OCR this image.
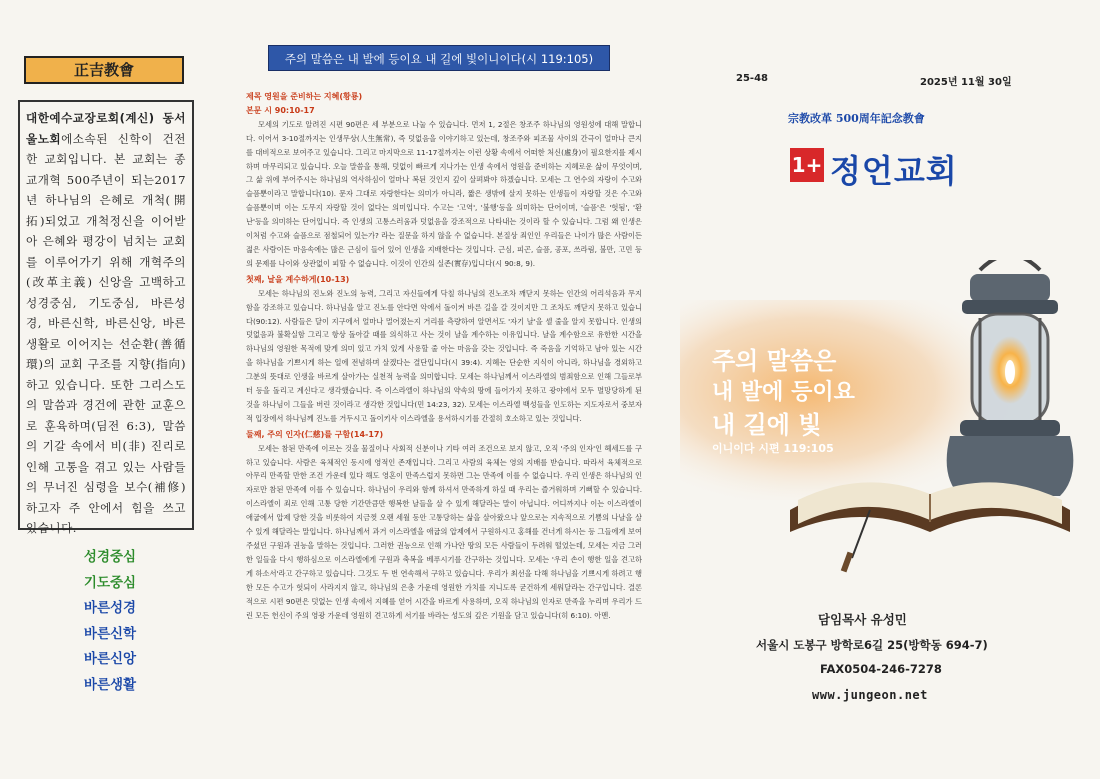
正吉教會

대한예수교장로회(계신) 동서울노회에소속된 신학이 건전한 교회입니다. 본 교회는 종교개혁 500주년이 되는2017년 하나님의 은혜로 개척(開拓)되었고 개척정신을 이어받아 은혜와 평강이 넘치는 교회를 이루어가기 위해 개혁주의(改革主義) 신앙을 고백하고 성경중심, 기도중심, 바른성경, 바른신학, 바른신앙, 바른생활로 이어지는 선순환(善循環)의 교회 구조를 지향(指向)하고 있습니다. 또한 그리스도의 말씀과 경건에 관한 교훈으로 훈육하며(딤전 6:3), 말씀의 기갈 속에서 비(非) 진리로 인해 고통을 겪고 있는 사람들의 무너진 심령을 보수(補修)하고자 주 안에서 힘을 쓰고 있습니다.

성경중심
기도중심
바른성경
바른신학
바른신앙
바른생활
주의 말씀은 내 발에 등이요 내 길에 빛이니이다(시 119:105)
제목 영원을 준비하는 지혜(황룡)
본문 시 90:10-17

모세의 기도로 알려진 시편 90편은 세 부분으로 나눌 수 있습니다. 먼저 1, 2절은 창조주 하나님의 영원성에 대해 말합니다. 이어서 3-10절까지는 인생무상(人生無常), 즉 덧없음을 이야기하고 있는데, 창조주와 피조물 사이의 간극이 얼마나 큰지를 대비적으로 보여주고 있습니다. 그리고 마지막으로 11-17절까지는 이런 상황 속에서 어떠한 처신(處身)이 필요한지를 제시하며 마무리되고 있습니다. 오늘 말씀을 통해, 덧없이 빠르게 지나가는 인생 속에서 영원을 준비하는 지혜로운 삶이 무엇이며, 그 삶 위에 부어주시는 하나님의 역사하심이 얼마나 복된 것인지 깊이 살펴봐야 하겠습니다. 모세는 그 연수의 자랑이 수고와 슬픔뿐이라고 말합니다(10). 문자 그대로 자랑한다는 의미가 아니라, 짧은 생밖에 살지 못하는 인생들이 자랑할 것은 수고와 슬픔뿐이며 이는 도무지 자랑할 것이 없다는 의미입니다. 수고는 '고역', '불행'등을 의미하는 단어이며, '슬픔'은 '헛됨', '환난'등을 의미하는 단어입니다. 즉 인생의 고통스러움과 덧없음을 강조적으로 나타내는 것이라 할 수 있습니다. 그럼 왜 인생은 이처럼 수고와 슬픔으로 점철되어 있는가? 라는 질문을 하지 않을 수 없습니다. 본질상 죄인인 우리들은 나이가 많은 사람이든 젊은 사람이든 마음속에는 많은 근심이 들어 있어 인생을 지배한다는 것입니다. 근심, 피곤, 슬픔, 공포, 쓰라림, 불만, 고민 등의 문제를 나이와 상관없이 피할 수 없습니다. 이것이 인간의 실존(實存)입니다(시 90:8, 9).

첫째, 날을 계수하게(10-13)

모세는 하나님의 진노와 진노의 능력, 그리고 자신들에게 닥칠 하나님의 진노조차 깨닫지 못하는 인간의 어리석음과 무지함을 강조하고 있습니다. 하나님을 알고 진노를 안다면 악에서 돌이켜 바른 길을 갈 것이지만 그 조차도 깨닫지 못하고 있습니다(90:12). 사람들은 달이 지구에서 얼마나 멀어졌는지 거리를 측량하여 알면서도 '자기 날'을 셀 줄을 알지 못합니다. 인생의 덧없음과 불확실함 그리고 항상 돌아갈 때를 의식하고 사는 것이 날을 계수하는 이유입니다. 날을 계수함으로 유한한 시간을 하나님의 영원한 목적에 맞게 의미 있고 가치 있게 사용할 줄 아는 마음을 갖는 것입니다. 즉 죽음을 기억하고 남아 있는 시간을 하나님을 기쁘시게 하는 일에 전념하며 살겠다는 결단입니다(시 39:4). 지혜는 단순한 지식이 아니라, 하나님을 경외하고 그분의 뜻대로 인생을 바르게 살아가는 실천적 능력을 의미합니다. 모세는 하나님께서 이스라엘의 범죄함으로 인해 그들로부터 등을 돌리고 계신다고 생각했습니다. 즉 이스라엘이 하나님의 약속의 땅에 들어가지 못하고 광야에서 모두 멸망당하게 된 것을 하나님이 그들을 버린 것이라고 생각한 것입니다(민 14:23, 32). 모세는 이스라엘 백성들을 인도하는 지도자로서 중보자적 입장에서 하나님께 진노를 거두시고 돌이키사 이스라엘을 용서하시기를 간절히 호소하고 있는 것입니다.

둘째, 주의 인자(仁慈)를 구함(14-17)

모세는 참된 만족에 이르는 것을 물질이나 사회적 신분이나 기타 여러 조건으로 보지 않고, 오직 '주의 인자'인 헤세드를 구하고 있습니다. 사람은 육체적인 동시에 영적인 존재입니다. 그리고 사람의 육체는 영의 지배를 받습니다. 따라서 육체적으로 아무리 만족할 만한 조건 가운데 있다 해도 영혼이 만족스럽지 못하면 그는 만족에 이를 수 없습니다. 우리 인생은 하나님의 인자로만 참된 만족에 이를 수 있습니다. 하나님이 우리와 함께 하셔서 만족하게 하실 때 우리는 즐거워하며 기뻐할 수 있습니다. 이스라엘이 죄로 인해 고통 당한 기간만큼만 행복한 날들을 살 수 있게 해달라는 말이 아닙니다. 어디까지나 이는 이스라엘이 애굽에서 압제 당한 것을 비롯하여 지금껏 오랜 세월 동안 고통당하는 삶을 살아왔으나 앞으로는 지속적으로 기쁨의 나날을 살 수 있게 해달라는 말입니다. 하나님께서 과거 이스라엘을 애굽의 압제에서 구원하시고 홍해를 건너게 하시는 등 그들에게 보여 주셨던 구원과 권능을 말하는 것입니다. 그러한 권능으로 인해 가나안 땅의 모든 사람들이 두려워 떨었는데, 모세는 지금 그러한 일들을 다시 행하심으로 이스라엘에게 구원과 축복을 베푸시기를 간구하는 것입니다. 모세는 '우리 손이 행한 일을 견고하게 하소서'라고 간구하고 있습니다. 그것도 두 번 연속해서 구하고 있습니다. 우리가 최선을 다해 하나님을 기쁘시게 하려고 행한 모든 수고가 헛되이 사라지지 않고, 하나님의 은총 가운데 영원한 가치를 지니도록 굳건하게 세워달라는 간구입니다. 결론적으로 시편 90편은 덧없는 인생 속에서 지혜를 얻어 시간을 바르게 사용하며, 오직 하나님의 인자로 만족을 누리며 우리가 드린 모든 헌신이 주의 영광 가운데 영원히 견고하게 서기를 바라는 성도의 깊은 기원을 담고 있습니다(히 6:10). 아멘.

25-48	2025년 11월 30일
宗教改革 500周年記念教會
1+ 정언교회
주의 말씀은
내 발에 등이요
내 길에 빛
이니이다 시편 119:105
담임목사 유성민
서울시 도봉구 방학로6길 25(방학동 694-7)
FAX0504-246-7278
www.jungeon.net
